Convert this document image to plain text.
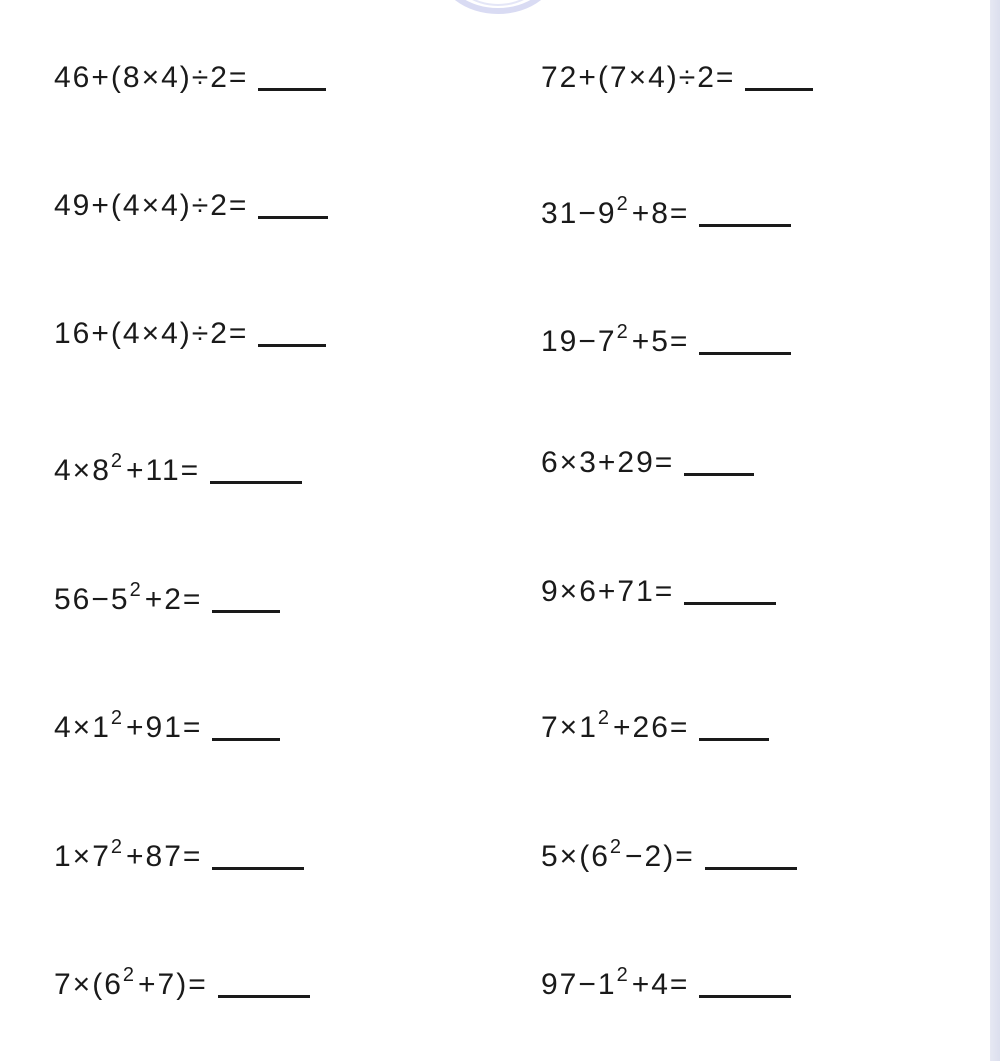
46+(8×4)÷2=	72+(7×4)÷2=
49+(4×4)÷2=	$31-9^2 +8=$
16+(4×4)÷2=	$19-7^2 +5=$
$4\times 8^2 +11=$	6×3+29=
$56-5^2 +2=$	9×6+71=
$4\times 1^2 +91=$	$7\times 1^2 +26=$
$1\times 7^2 +87=$	$5\times(6^2 -2)=$
$7\times(6^2 +7)=$	$97-1^2 +4=$
